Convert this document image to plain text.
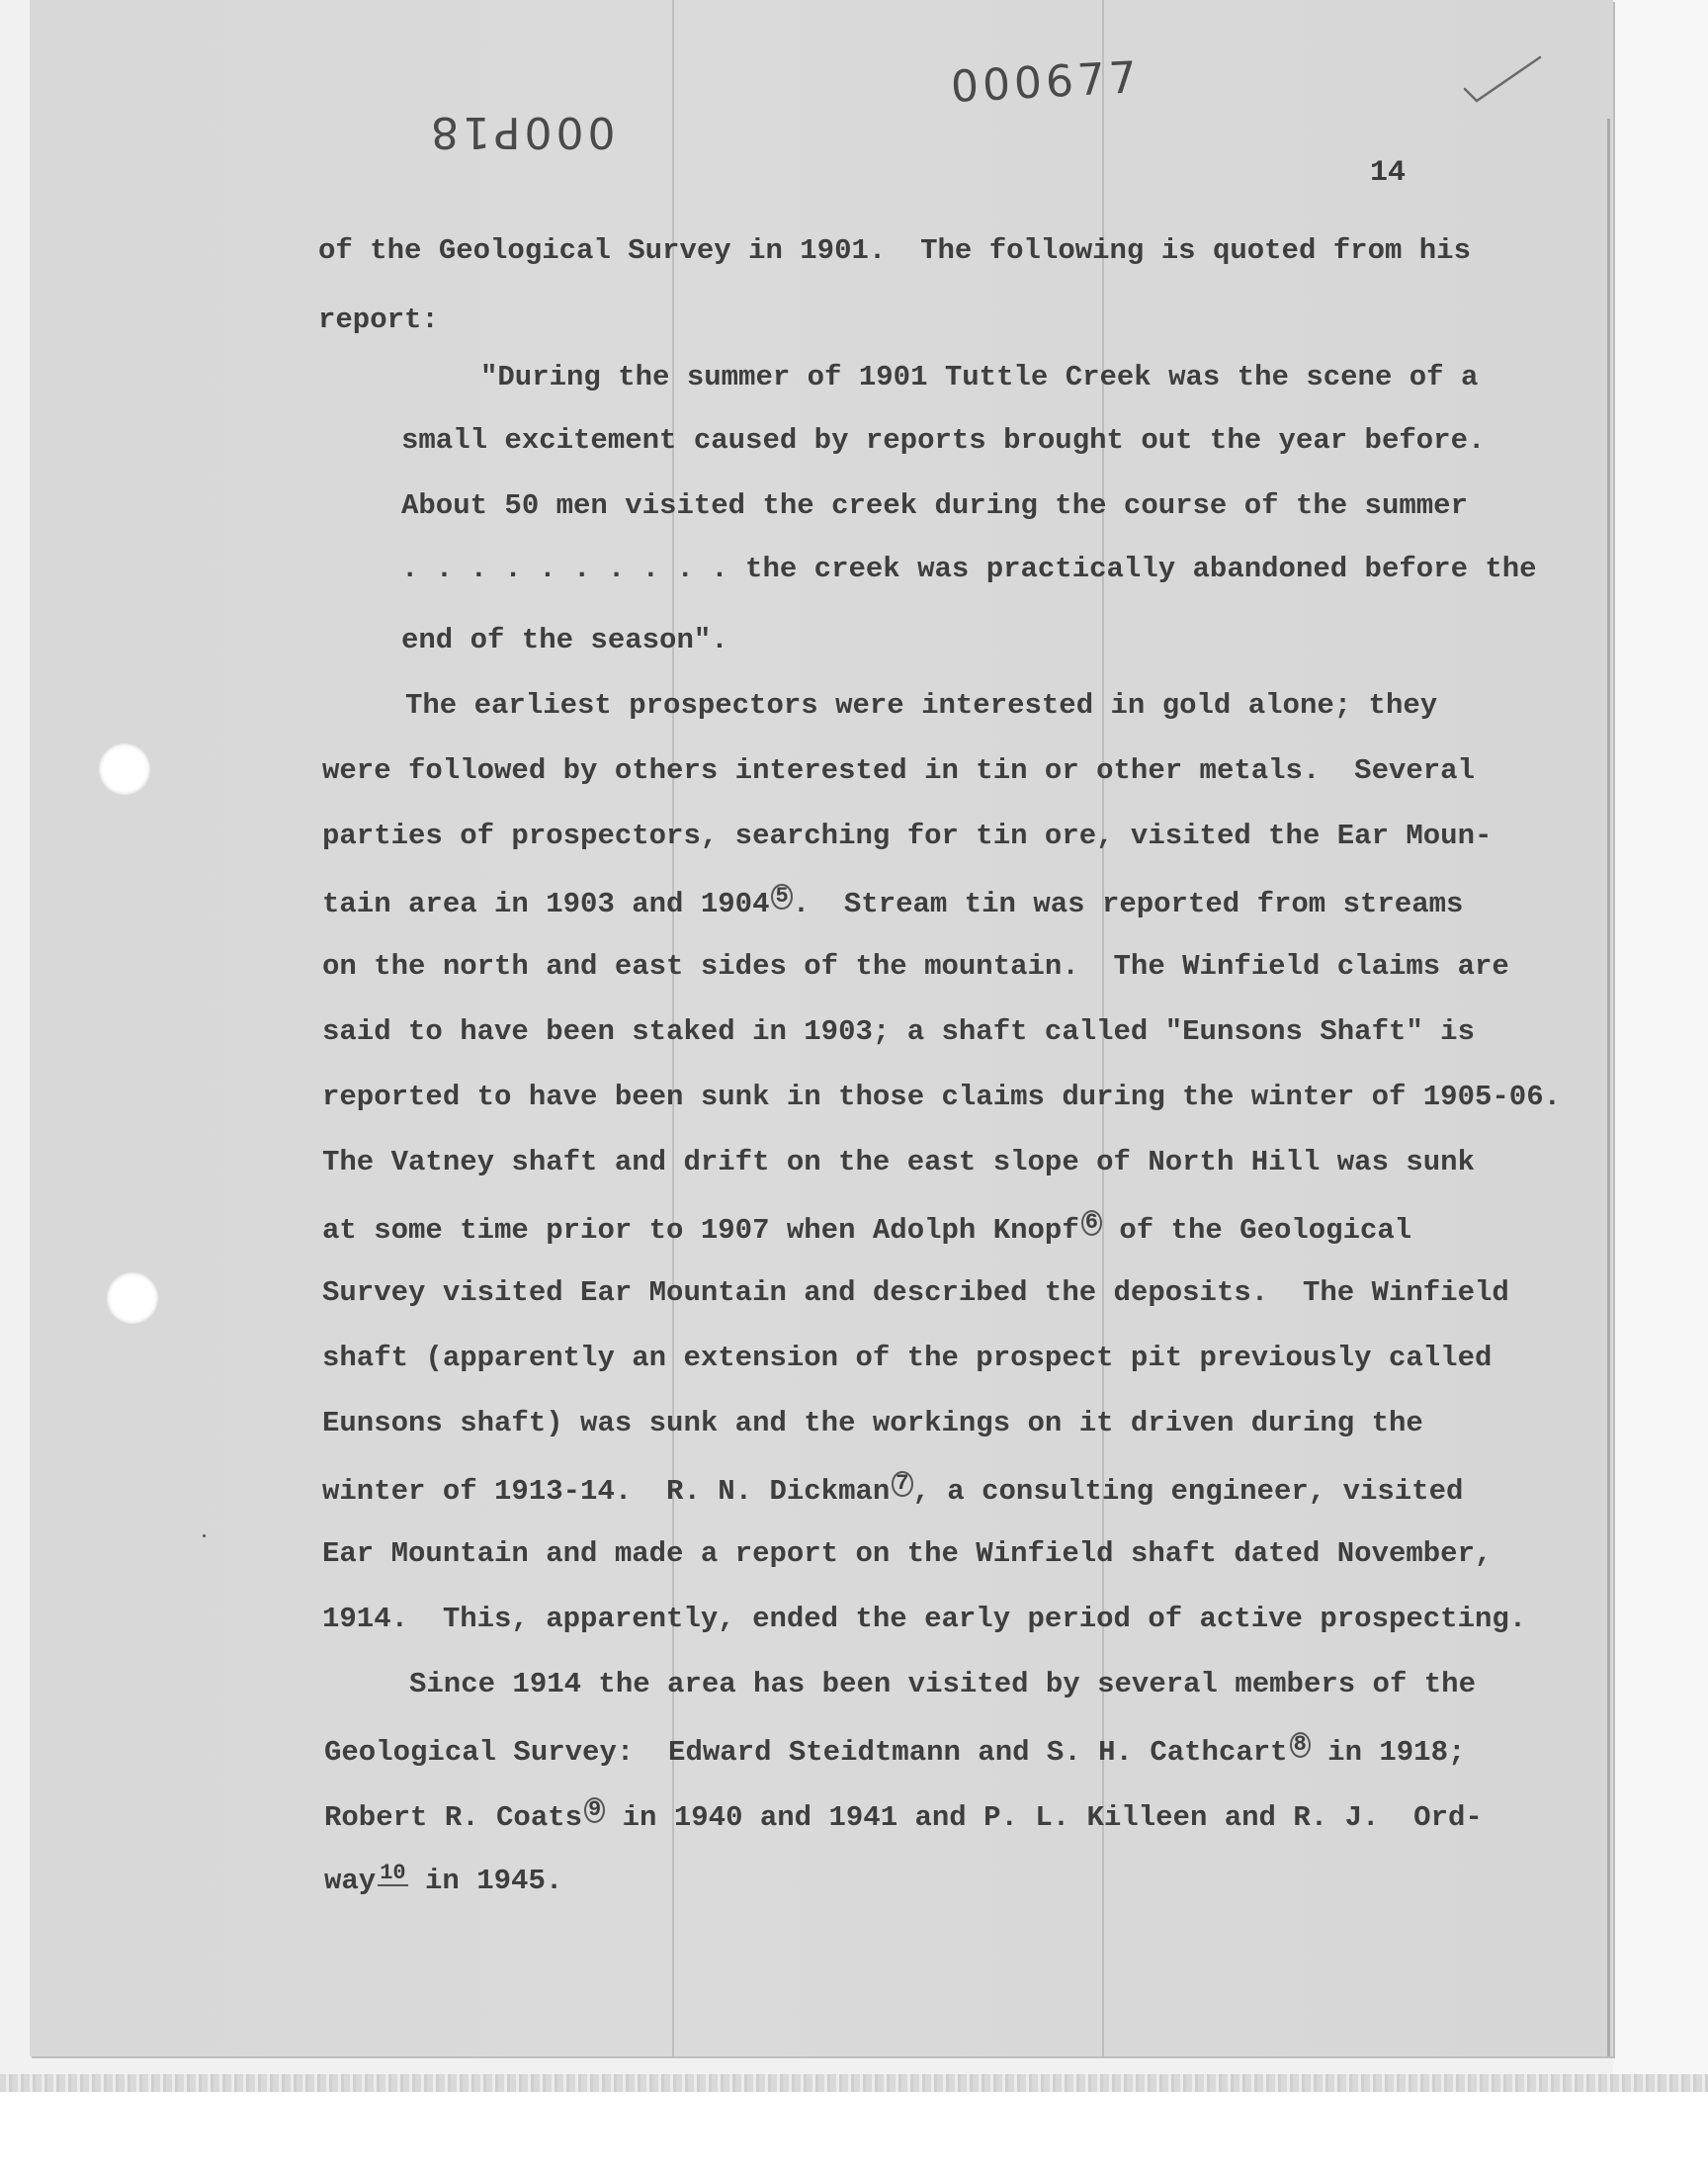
000P18
000677
14
of the Geological Survey in 1901.  The following is quoted from his
report:
"During the summer of 1901 Tuttle Creek was the scene of a
small excitement caused by reports brought out the year before.
About 50 men visited the creek during the course of the summer
. . . . . . . . . . the creek was practically abandoned before the
end of the season".
The earliest prospectors were interested in gold alone; they
were followed by others interested in tin or other metals.  Several
parties of prospectors, searching for tin ore, visited the Ear Moun-
tain area in 1903 and 1904 5 .  Stream tin was reported from streams
on the north and east sides of the mountain.  The Winfield claims are
said to have been staked in 1903; a shaft called "Eunsons Shaft" is
reported to have been sunk in those claims during the winter of 1905-06.
The Vatney shaft and drift on the east slope of North Hill was sunk
at some time prior to 1907 when Adolph Knopf 6 of the Geological
Survey visited Ear Mountain and described the deposits.  The Winfield
shaft (apparently an extension of the prospect pit previously called
Eunsons shaft) was sunk and the workings on it driven during the
winter of 1913-14.  R. N. Dickman 7 , a consulting engineer, visited
Ear Mountain and made a report on the Winfield shaft dated November,
1914.  This, apparently, ended the early period of active prospecting.
Since 1914 the area has been visited by several members of the
Geological Survey:  Edward Steidtmann and S. H. Cathcart 8 in 1918;
Robert R. Coats 9 in 1940 and 1941 and P. L. Killeen and R. J.  Ord-
way 10 in 1945.
